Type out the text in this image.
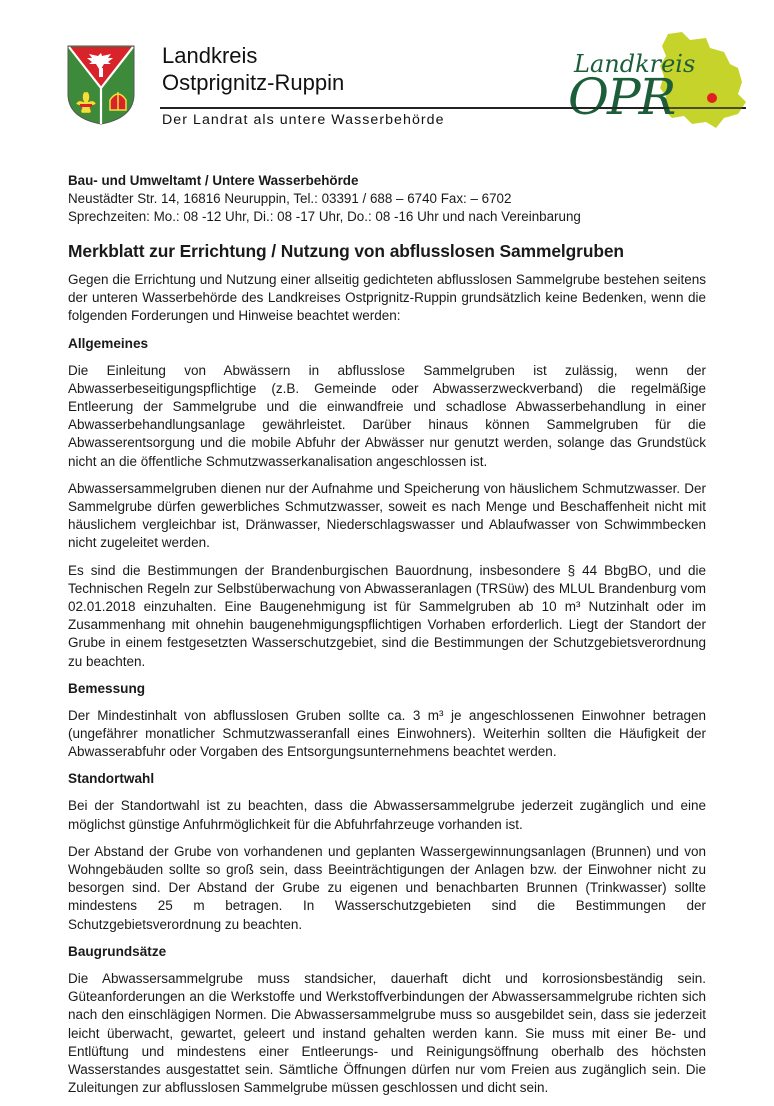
Landkreis
Ostprignitz-Ruppin
Der Landrat als untere Wasserbehörde
Landkreis
OPR
Bau- und Umweltamt / Untere Wasserbehörde
Neustädter Str. 14, 16816 Neuruppin, Tel.: 03391 / 688 – 6740 Fax: – 6702
Sprechzeiten: Mo.: 08 -12 Uhr, Di.: 08 -17 Uhr, Do.: 08 -16 Uhr und nach Vereinbarung
Merkblatt zur Errichtung / Nutzung von abflusslosen Sammelgruben

Gegen die Errichtung und Nutzung einer allseitig gedichteten abflusslosen Sammelgrube bestehen seitens der unteren Wasserbehörde des Landkreises Ostprignitz-Ruppin grundsätzlich keine Bedenken, wenn die folgenden Forderungen und Hinweise beachtet werden:

Allgemeines

Die Einleitung von Abwässern in abflusslose Sammelgruben ist zulässig, wenn der Abwasserbeseitigungspflichtige (z.B. Gemeinde oder Abwasserzweckverband) die regelmäßige Entleerung der Sammelgrube und die einwandfreie und schadlose Abwasserbehandlung in einer Abwasserbehandlungsanlage gewährleistet. Darüber hinaus können Sammelgruben für die Abwasserentsorgung und die mobile Abfuhr der Abwässer nur genutzt werden, solange das Grundstück nicht an die öffentliche Schmutzwasserkanalisation angeschlossen ist.

Abwassersammelgruben dienen nur der Aufnahme und Speicherung von häuslichem Schmutzwasser. Der Sammelgrube dürfen gewerbliches Schmutzwasser, soweit es nach Menge und Beschaffenheit nicht mit häuslichem vergleichbar ist, Dränwasser, Niederschlagswasser und Ablaufwasser von Schwimmbecken nicht zugeleitet werden.

Es sind die Bestimmungen der Brandenburgischen Bauordnung, insbesondere § 44 BbgBO, und die Technischen Regeln zur Selbstüberwachung von Abwasseranlagen (TRSüw) des MLUL Brandenburg vom 02.01.2018 einzuhalten. Eine Baugenehmigung ist für Sammelgruben ab 10 m³ Nutzinhalt oder im Zusammenhang mit ohnehin baugenehmigungspflichtigen Vorhaben erforderlich. Liegt der Standort der Grube in einem festgesetzten Wasserschutzgebiet, sind die Bestimmungen der Schutzgebietsverordnung zu beachten.

Bemessung

Der Mindestinhalt von abflusslosen Gruben sollte ca. 3 m³ je angeschlossenen Einwohner betragen (ungefährer monatlicher Schmutzwasseranfall eines Einwohners). Weiterhin sollten die Häufigkeit der Abwasserabfuhr oder Vorgaben des Entsorgungsunternehmens beachtet werden.

Standortwahl

Bei der Standortwahl ist zu beachten, dass die Abwassersammelgrube jederzeit zugänglich und eine möglichst günstige Anfuhrmöglichkeit für die Abfuhrfahrzeuge vorhanden ist.

Der Abstand der Grube von vorhandenen und geplanten Wassergewinnungsanlagen (Brunnen) und von Wohngebäuden sollte so groß sein, dass Beeinträchtigungen der Anlagen bzw. der Einwohner nicht zu besorgen sind. Der Abstand der Grube zu eigenen und benachbarten Brunnen (Trinkwasser) sollte mindestens 25 m betragen. In Wasserschutzgebieten sind die Bestimmungen der Schutzgebietsverordnung zu beachten.

Baugrundsätze

Die Abwassersammelgrube muss standsicher, dauerhaft dicht und korrosionsbeständig sein. Güteanforderungen an die Werkstoffe und Werkstoffverbindungen der Abwassersammelgrube richten sich nach den einschlägigen Normen. Die Abwassersammelgrube muss so ausgebildet sein, dass sie jederzeit leicht überwacht, gewartet, geleert und instand gehalten werden kann. Sie muss mit einer Be- und Entlüftung und mindestens einer Entleerungs- und Reinigungsöffnung oberhalb des höchsten Wasserstandes ausgestattet sein. Sämtliche Öffnungen dürfen nur vom Freien aus zugänglich sein. Die Zuleitungen zur abflusslosen Sammelgrube müssen geschlossen und dicht sein.
